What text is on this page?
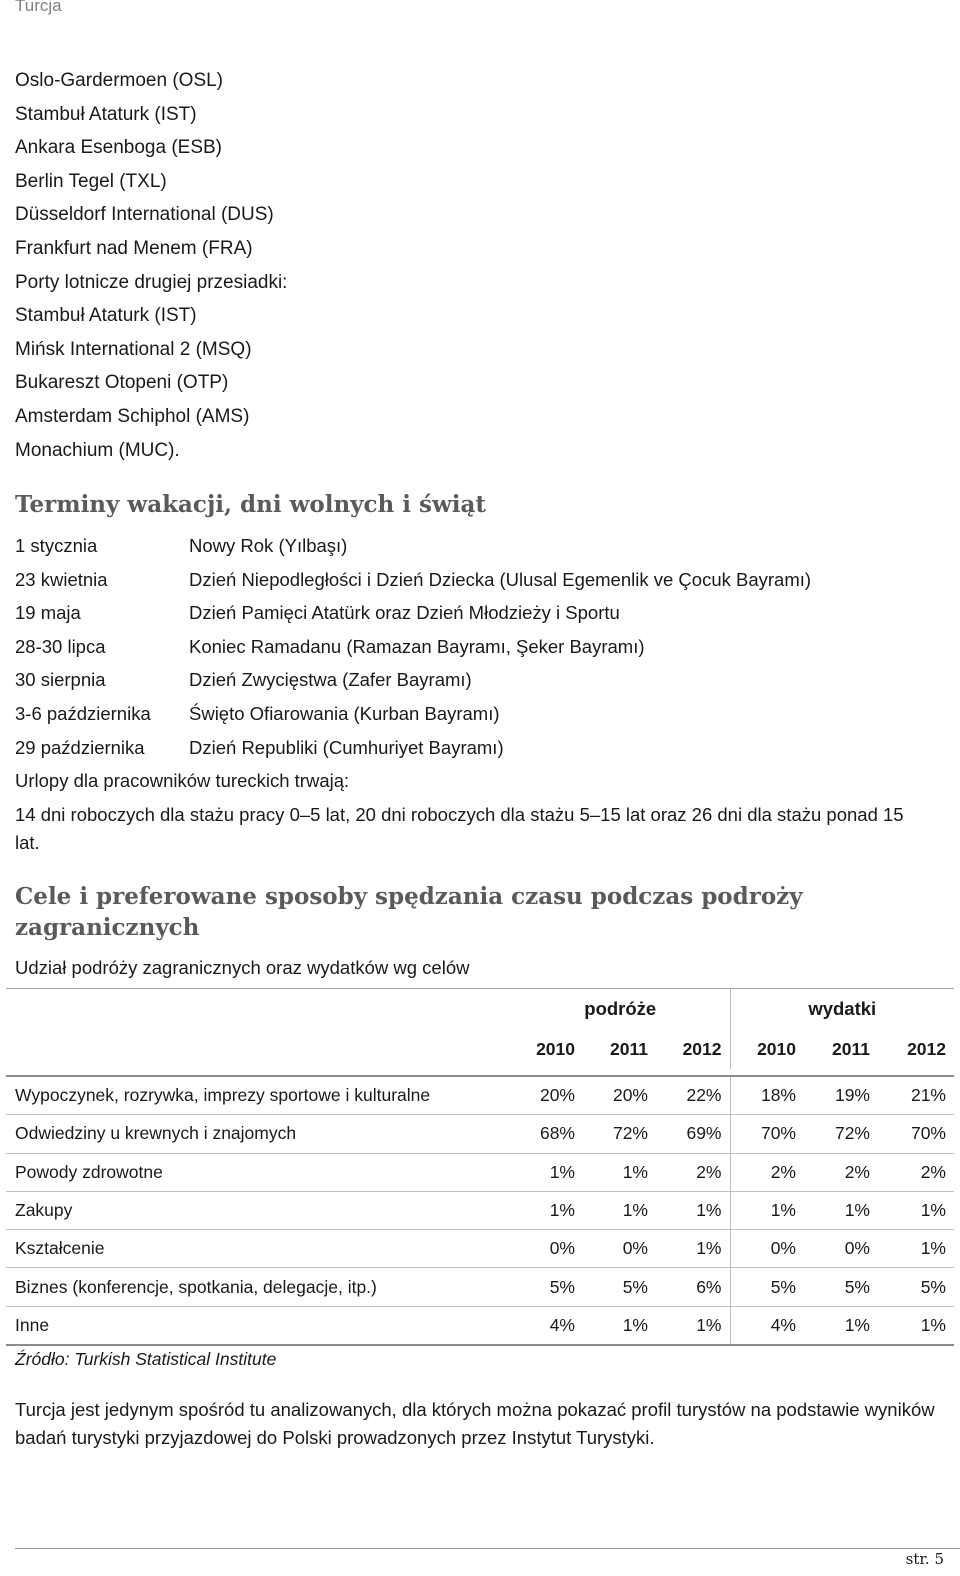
Turcja
Oslo-Gardermoen (OSL)
Stambuł Ataturk (IST)
Ankara Esenboga (ESB)
Berlin Tegel (TXL)
Düsseldorf International (DUS)
Frankfurt nad Menem (FRA)
Porty lotnicze drugiej przesiadki:
Stambuł Ataturk (IST)
Mińsk International 2 (MSQ)
Bukareszt Otopeni (OTP)
Amsterdam Schiphol (AMS)
Monachium (MUC).
Terminy wakacji, dni wolnych i świąt
1 stycznia	Nowy Rok (Yılbaşı)
23 kwietnia	Dzień Niepodległości i Dzień Dziecka (Ulusal Egemenlik ve Çocuk Bayramı)
19 maja	Dzień Pamięci Atatürk oraz Dzień Młodzieży i Sportu
28-30 lipca	Koniec Ramadanu (Ramazan Bayramı, Şeker Bayramı)
30 sierpnia	Dzień Zwycięstwa (Zafer Bayramı)
3-6 października Święto Ofiarowania (Kurban Bayramı)
29 października Dzień Republiki (Cumhuriyet Bayramı)
Urlopy dla pracowników tureckich trwają:
14 dni roboczych dla stażu pracy 0–5 lat, 20 dni roboczych dla stażu 5–15 lat oraz 26 dni dla stażu ponad 15 lat.
Cele i preferowane sposoby spędzania czasu podczas podroży zagranicznych
Udział podróży zagranicznych oraz wydatków wg celów
	podróże			wydatki		
	2010	2011	2012	2010	2011	2012

Wypoczynek, rozrywka, imprezy sportowe i kulturalne	20%	20%	22%	18%	19%	21%
Odwiedziny u krewnych i znajomych	68%	72%	69%	70%	72%	70%
Powody zdrowotne	1%	1%	2%	2%	2%	2%
Zakupy	1%	1%	1%	1%	1%	1%
Kształcenie	0%	0%	1%	0%	0%	1%
Biznes (konferencje, spotkania, delegacje, itp.)	5%	5%	6%	5%	5%	5%
Inne	4%	1%	1%	4%	1%	1%
Źródło: Turkish Statistical Institute
Turcja jest jedynym spośród tu analizowanych, dla których można pokazać profil turystów na podstawie wyników badań turystyki przyjazdowej do Polski prowadzonych przez Instytut Turystyki.
str. 5
